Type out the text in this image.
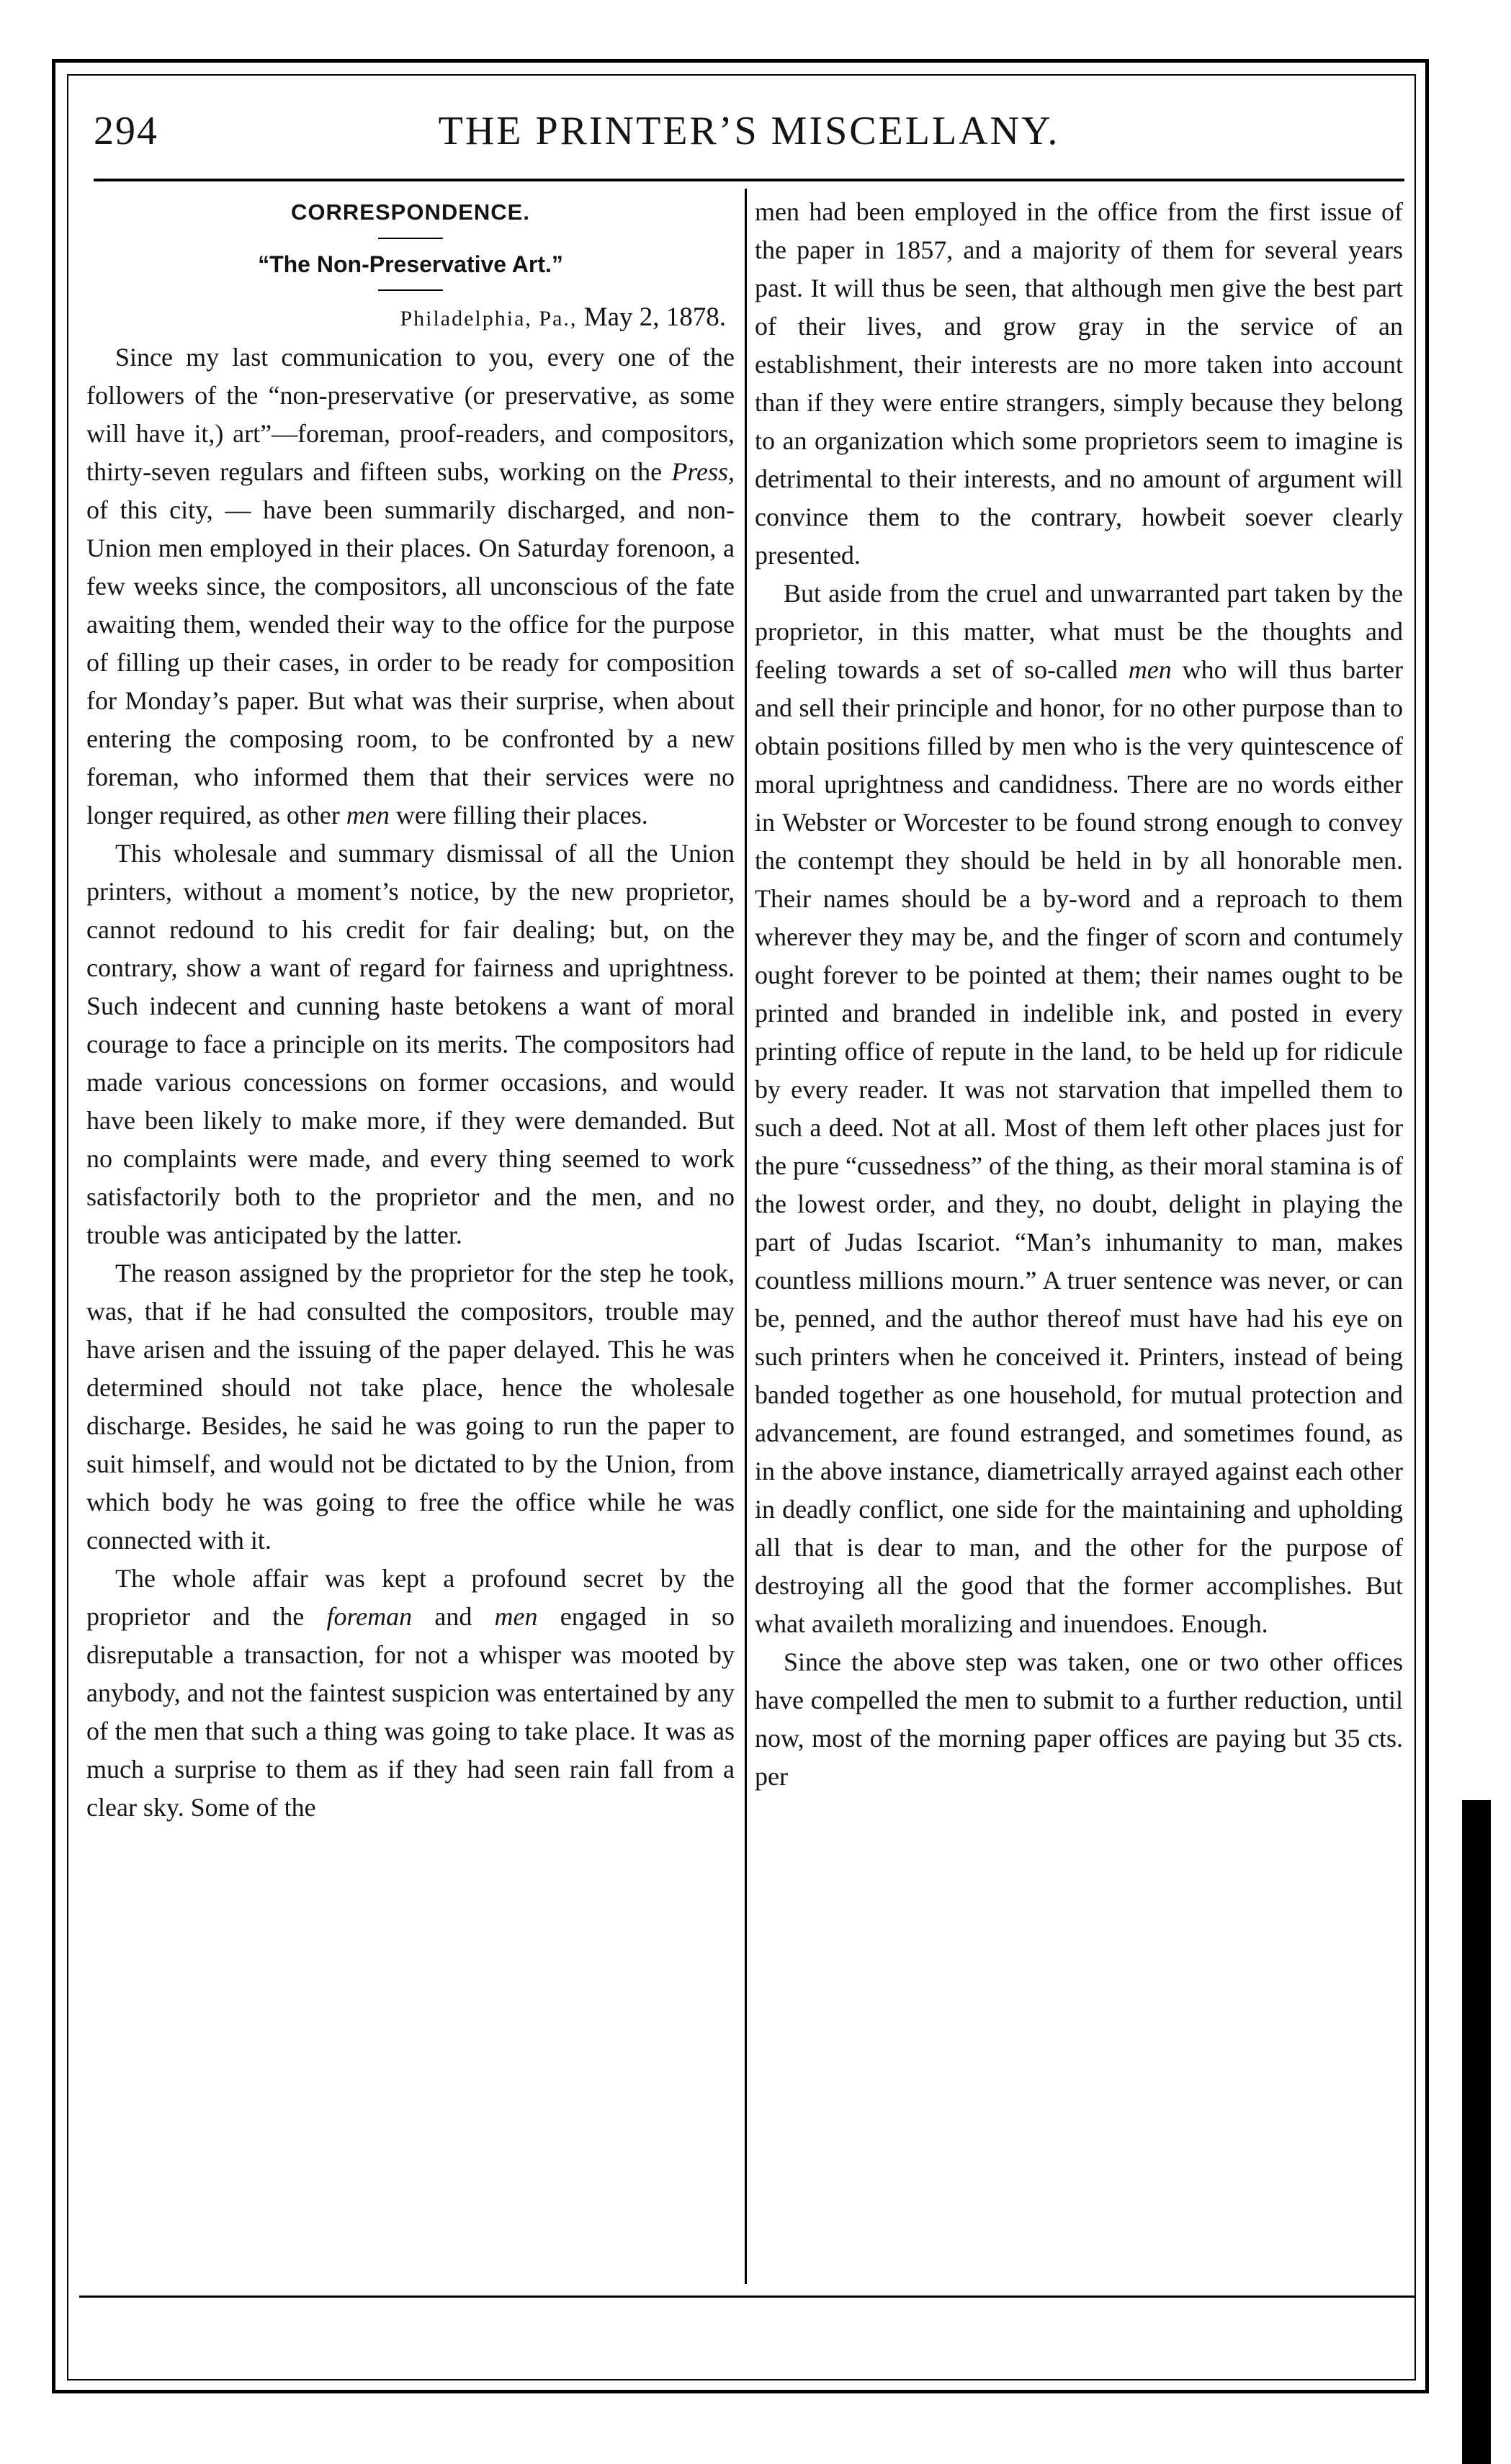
294	THE PRINTER’S MISCELLANY.
CORRESPONDENCE.
“The Non-Preservative Art.”
Philadelphia, Pa., May 2, 1878.

Since my last communication to you, every one of the followers of the “non-preservative (or preservative, as some will have it,) art”—foreman, proof-readers, and compositors, thirty-seven regulars and fifteen subs, working on the Press, of this city, — have been summarily discharged, and non-Union men employed in their places. On Saturday forenoon, a few weeks since, the compositors, all unconscious of the fate awaiting them, wended their way to the office for the purpose of filling up their cases, in order to be ready for composition for Monday’s paper. But what was their surprise, when about entering the composing room, to be confronted by a new foreman, who informed them that their services were no longer required, as other men were filling their places.

This wholesale and summary dismissal of all the Union printers, without a moment’s notice, by the new proprietor, cannot redound to his credit for fair dealing; but, on the contrary, show a want of regard for fairness and uprightness. Such indecent and cunning haste betokens a want of moral courage to face a principle on its merits. The compositors had made various concessions on former occasions, and would have been likely to make more, if they were demanded. But no complaints were made, and every thing seemed to work satisfactorily both to the proprietor and the men, and no trouble was anticipated by the latter.

The reason assigned by the proprietor for the step he took, was, that if he had consulted the compositors, trouble may have arisen and the issuing of the paper delayed. This he was determined should not take place, hence the wholesale discharge. Besides, he said he was going to run the paper to suit himself, and would not be dictated to by the Union, from which body he was going to free the office while he was connected with it.

The whole affair was kept a profound secret by the proprietor and the foreman and men engaged in so disreputable a transaction, for not a whisper was mooted by anybody, and not the faintest suspicion was entertained by any of the men that such a thing was going to take place. It was as much a surprise to them as if they had seen rain fall from a clear sky. Some of the

men had been employed in the office from the first issue of the paper in 1857, and a majority of them for several years past. It will thus be seen, that although men give the best part of their lives, and grow gray in the service of an establishment, their interests are no more taken into account than if they were entire strangers, simply because they belong to an organization which some proprietors seem to imagine is detrimental to their interests, and no amount of argument will convince them to the contrary, howbeit soever clearly presented.

But aside from the cruel and unwarranted part taken by the proprietor, in this matter, what must be the thoughts and feeling towards a set of so-called men who will thus barter and sell their principle and honor, for no other purpose than to obtain positions filled by men who is the very quintescence of moral uprightness and candidness. There are no words either in Webster or Worcester to be found strong enough to convey the contempt they should be held in by all honorable men. Their names should be a by-word and a reproach to them wherever they may be, and the finger of scorn and contumely ought forever to be pointed at them; their names ought to be printed and branded in indelible ink, and posted in every printing office of repute in the land, to be held up for ridicule by every reader. It was not starvation that impelled them to such a deed. Not at all. Most of them left other places just for the pure “cussedness” of the thing, as their moral stamina is of the lowest order, and they, no doubt, delight in playing the part of Judas Iscariot. “Man’s inhumanity to man, makes countless millions mourn.” A truer sentence was never, or can be, penned, and the author thereof must have had his eye on such printers when he conceived it. Printers, instead of being banded together as one household, for mutual protection and advancement, are found estranged, and sometimes found, as in the above instance, diametrically arrayed against each other in deadly conflict, one side for the maintaining and upholding all that is dear to man, and the other for the purpose of destroying all the good that the former accomplishes. But what availeth moralizing and inuendoes. Enough.

Since the above step was taken, one or two other offices have compelled the men to submit to a further reduction, until now, most of the morning paper offices are paying but 35 cts. per
